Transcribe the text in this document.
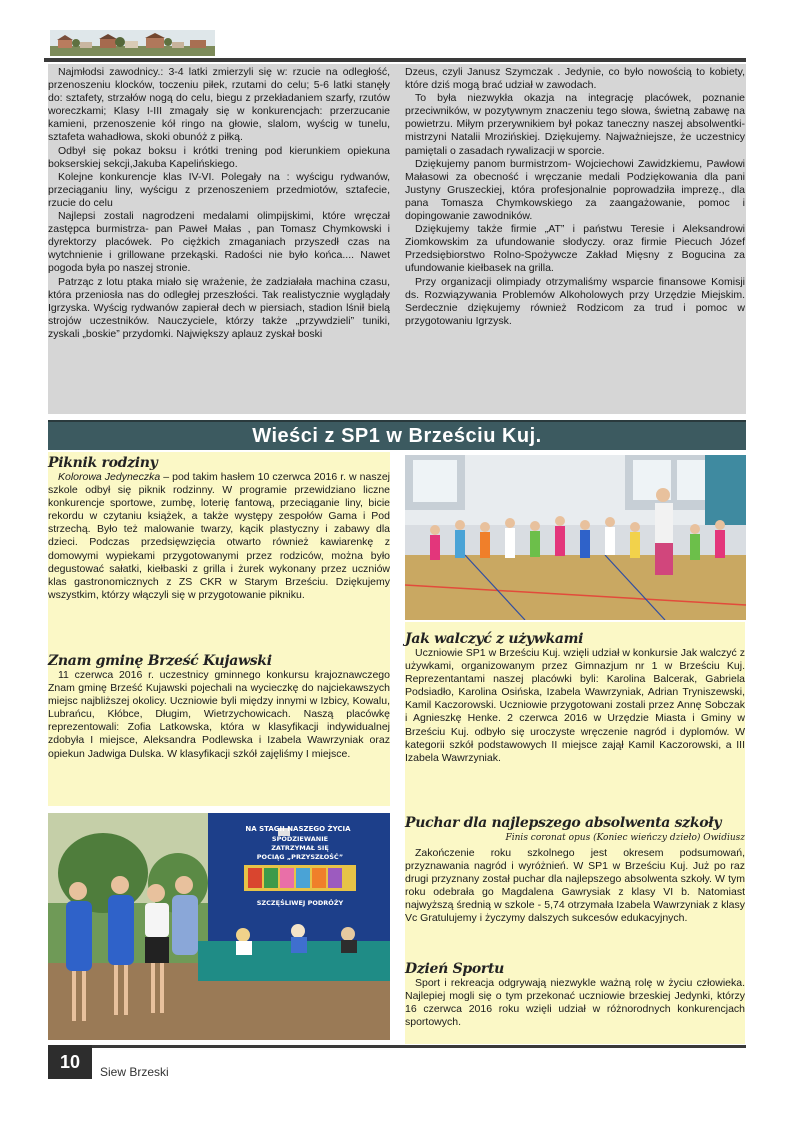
Najmłodsi zawodnicy.: 3-4 latki zmierzyli się w: rzucie na odległość, przenoszeniu klocków, toczeniu piłek, rzutami do celu; 5-6 latki stanęły do: sztafety, strzałów nogą do celu, biegu z przekładaniem szarfy, rzutów woreczkami; Klasy I-III zmagały się w konkurencjach: przerzucanie kamieni, przenoszenie kół ringo na głowie, slalom, wyścig w tunelu, sztafeta wahadłowa, skoki obunóż z piłką.

Odbył się pokaz boksu i krótki trening pod kierunkiem opiekuna bokserskiej sekcji,Jakuba Kapelińskiego.

Kolejne konkurencje klas IV-VI. Polegały na : wyścigu rydwanów, przeciąganiu liny, wyścigu z przenoszeniem przedmiotów, sztafecie, rzucie do celu

Najlepsi zostali nagrodzeni medalami olimpijskimi, które wręczał zastępca burmistrza- pan Paweł Małas , pan Tomasz Chymkowski i dyrektorzy placówek. Po ciężkich zmaganiach przyszedł czas na wytchnienie i grillowane przekąski. Radości nie było końca.... Nawet pogoda była po naszej stronie.

Patrząc z lotu ptaka miało się wrażenie, że zadziałała machina czasu, która przeniosła nas do odległej przeszłości. Tak realistycznie wyglądały Igrzyska. Wyścig rydwanów zapierał dech w piersiach, stadion lśnił bielą strojów uczestników. Nauczyciele, którzy także „przywdzieli” tuniki, zyskali „boskie” przydomki. Największy aplauz zyskał boski

Dzeus, czyli Janusz Szymczak . Jedynie, co było nowością to kobiety, które dziś mogą brać udział w zawodach.

To była niezwykła okazja na integrację placówek, poznanie przeciwników, w pozytywnym znaczeniu tego słowa, świetną zabawę na powietrzu. Miłym przerywnikiem był pokaz taneczny naszej absolwentki- mistrzyni Natalii Mrozińskiej. Dziękujemy. Najważniejsze, że uczestnicy pamiętali o zasadach rywalizacji w sporcie.

Dziękujemy panom burmistrzom- Wojciechowi Zawidzkiemu, Pawłowi Małasowi za obecność i wręczanie medali Podziękowania dla pani Justyny Gruszeckiej, która profesjonalnie poprowadziła imprezę., dla pana Tomasza Chymkowskiego za zaangażowanie, pomoc i dopingowanie zawodników.

Dziękujemy także firmie „AT” i państwu Teresie i Aleksandrowi Ziomkowskim za ufundowanie słodyczy. oraz firmie Piecuch Józef Przedsiębiorstwo Rolno-Spożywcze Zakład Mięsny z Bogucina za ufundowanie kiełbasek na grilla.

Przy organizacji olimpiady otrzymaliśmy wsparcie finansowe Komisji ds. Rozwiązywania Problemów Alkoholowych przy Urzędzie Miejskim. Serdecznie dziękujemy również Rodzicom za trud i pomoc w przygotowaniu Igrzysk.

Wieści z SP1 w Brześciu Kuj.
Piknik rodziny

Kolorowa Jedyneczka – pod takim hasłem 10 czerwca 2016 r. w naszej szkole odbył się piknik rodzinny. W programie przewidziano liczne konkurencje sportowe, zumbę, loterię fantową, przeciąganie liny, bicie rekordu w czytaniu książek, a także występy zespołów Gama i Pod strzechą. Było też malowanie twarzy, kącik plastyczny i zabawy dla dzieci. Podczas przedsięwzięcia otwarto również kawiarenkę z domowymi wypiekami przygotowanymi przez rodziców, można było degustować sałatki, kiełbaski z grilla i żurek wykonany przez uczniów klas gastronomicznych z ZS CKR w Starym Brześciu. Dziękujemy wszystkim, którzy włączyli się w przygotowanie pikniku.

Znam gminę Brześć Kujawski

11 czerwca 2016 r. uczestnicy gminnego konkursu krajoznawczego Znam gminę Brześć Kujawski pojechali na wycieczkę do najciekawszych miejsc najbliższej okolicy. Uczniowie byli między innymi w Izbicy, Kowalu, Lubrańcu, Kłóbce, Długim, Wietrzychowicach. Naszą placówkę reprezentowali: Zofia Latkowska, która w klasyfikacji indywidualnej zdobyła I miejsce, Aleksandra Podlewska i Izabela Wawrzyniak oraz opiekun Jadwiga Dulska. W klasyfikacji szkół zajęliśmy I miejsce.

NA STAGII NASZEGO ŻYCIA
SPODZIEWANIE
ZATRZYMAŁ SIĘ
POCIĄG „PRZYSZŁOŚĆ”
SZCZĘŚLIWEJ PODRÓŻY
Jak walczyć z używkami

Uczniowie SP1 w Brześciu Kuj. wzięli udział w konkursie Jak walczyć z używkami, organizowanym przez Gimnazjum nr 1 w Brześciu Kuj. Reprezentantami naszej placówki byli: Karolina Balcerak, Gabriela Podsiadło, Karolina Osińska, Izabela Wawrzyniak, Adrian Tryniszewski, Kamil Kaczorowski. Uczniowie przygotowani zostali przez Annę Sobczak i Agnieszkę Henke. 2 czerwca 2016 w Urzędzie Miasta i Gminy w Brześciu Kuj. odbyło się uroczyste wręczenie nagród i dyplomów. W kategorii szkół podstawowych II miejsce zajął Kamil Kaczorowski, a III Izabela Wawrzyniak.

Puchar dla najlepszego absolwenta szkoły
Finis coronat opus (Koniec wieńczy dzieło) Owidiusz

Zakończenie roku szkolnego jest okresem podsumowań, przyznawania nagród i wyróżnień. W SP1 w Brześciu Kuj. Już po raz drugi przyznany został puchar dla najlepszego absolwenta szkoły. W tym roku odebrała go Magdalena Gawrysiak z klasy VI b. Natomiast najwyższą średnią w szkole - 5,74 otrzymała Izabela Wawrzyniak z klasy Vc Gratulujemy i życzymy dalszych sukcesów edukacyjnych.

Dzień Sportu

Sport i rekreacja odgrywają niezwykle ważną rolę w życiu człowieka. Najlepiej mogli się o tym przekonać uczniowie brzeskiej Jedynki, którzy 16 czerwca 2016 roku wzięli udział w różnorodnych konkurencjach sportowych.

10	Siew Brzeski
